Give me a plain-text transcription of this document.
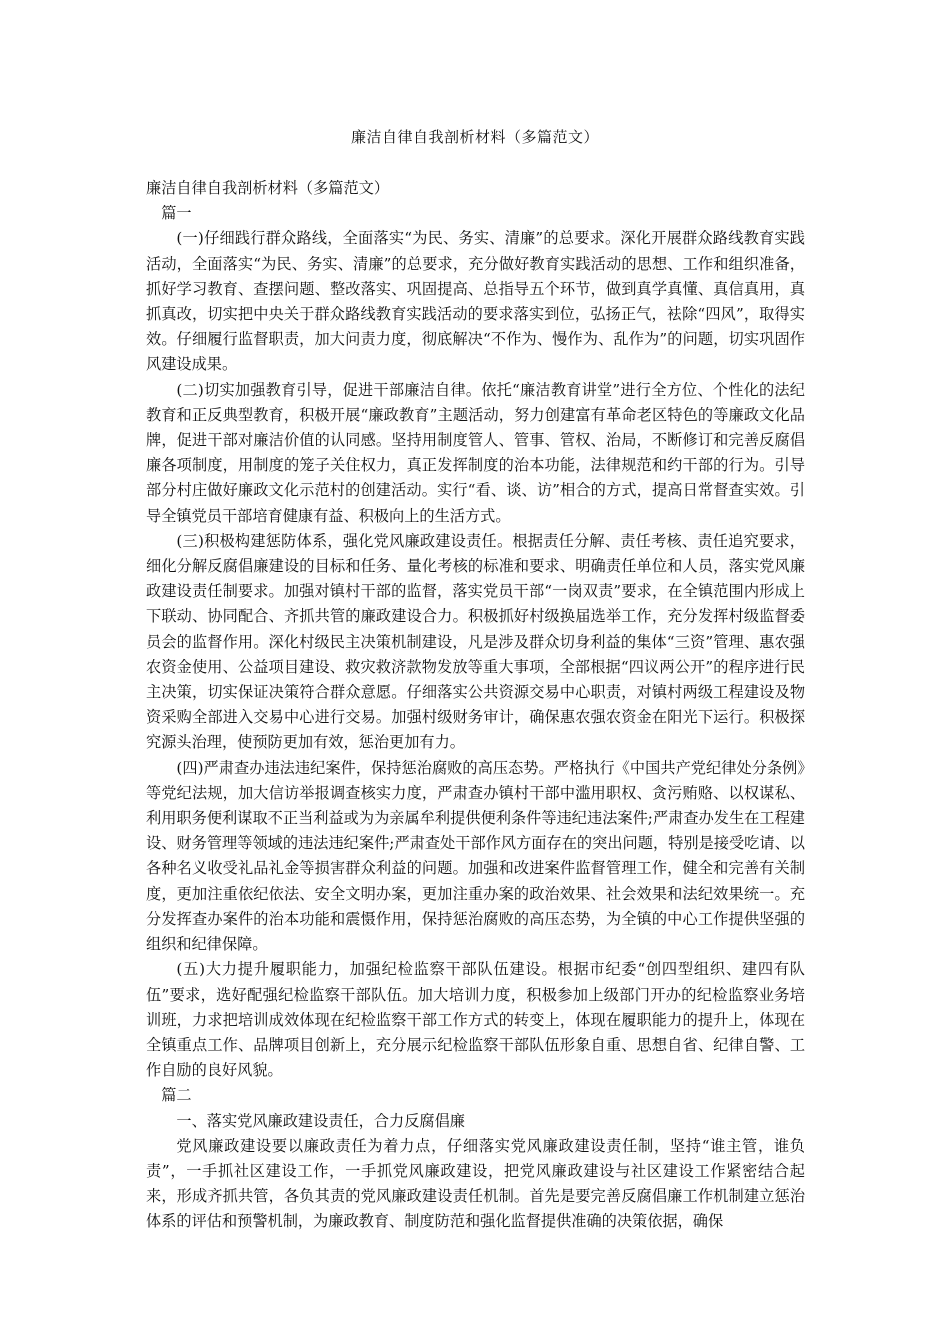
廉洁自律自我剖析材料（多篇范文）

廉洁自律自我剖析材料（多篇范文）

篇一

(一)仔细践行群众路线，全面落实“为民、务实、清廉”的总要求。深化开展群众路线教育实践活动，全面落实“为民、务实、清廉”的总要求，充分做好教育实践活动的思想、工作和组织准备，抓好学习教育、查摆问题、整改落实、巩固提高、总指导五个环节，做到真学真懂、真信真用，真抓真改，切实把中央关于群众路线教育实践活动的要求落实到位，弘扬正气，袪除“四风”，取得实效。仔细履行监督职责，加大问责力度，彻底解决“不作为、慢作为、乱作为”的问题，切实巩固作风建设成果。

(二)切实加强教育引导，促进干部廉洁自律。依托“廉洁教育讲堂”进行全方位、个性化的法纪教育和正反典型教育，积极开展“廉政教育”主题活动，努力创建富有革命老区特色的等廉政文化品牌，促进干部对廉洁价值的认同感。坚持用制度管人、管事、管权、治局，不断修订和完善反腐倡廉各项制度，用制度的笼子关住权力，真正发挥制度的治本功能，法律规范和约干部的行为。引导部分村庄做好廉政文化示范村的创建活动。实行“看、谈、访”相合的方式，提高日常督查实效。引导全镇党员干部培育健康有益、积极向上的生活方式。

(三)积极构建惩防体系，强化党风廉政建设责任。根据责任分解、责任考核、责任追究要求，细化分解反腐倡廉建设的目标和任务、量化考核的标准和要求、明确责任单位和人员，落实党风廉政建设责任制要求。加强对镇村干部的监督，落实党员干部“一岗双责”要求，在全镇范围内形成上下联动、协同配合、齐抓共管的廉政建设合力。积极抓好村级换届选举工作，充分发挥村级监督委员会的监督作用。深化村级民主决策机制建设，凡是涉及群众切身利益的集体“三资”管理、惠农强农资金使用、公益项目建设、救灾救济款物发放等重大事项，全部根据“四议两公开”的程序进行民主决策，切实保证决策符合群众意愿。仔细落实公共资源交易中心职责，对镇村两级工程建设及物资采购全部进入交易中心进行交易。加强村级财务审计，确保惠农强农资金在阳光下运行。积极探究源头治理，使预防更加有效，惩治更加有力。

(四)严肃查办违法违纪案件，保持惩治腐败的高压态势。严格执行《中国共产党纪律处分条例》等党纪法规，加大信访举报调查核实力度，严肃查办镇村干部中滥用职权、贪污贿赂、以权谋私、利用职务便利谋取不正当利益或为为亲属牟利提供便利条件等违纪违法案件;严肃查办发生在工程建设、财务管理等领域的违法违纪案件;严肃查处干部作风方面存在的突出问题，特别是接受吃请、以各种名义收受礼品礼金等损害群众利益的问题。加强和改进案件监督管理工作，健全和完善有关制度，更加注重依纪依法、安全文明办案，更加注重办案的政治效果、社会效果和法纪效果统一。充分发挥查办案件的治本功能和震慑作用，保持惩治腐败的高压态势，为全镇的中心工作提供坚强的组织和纪律保障。

(五)大力提升履职能力，加强纪检监察干部队伍建设。根据市纪委“创四型组织、建四有队伍”要求，选好配强纪检监察干部队伍。加大培训力度，积极参加上级部门开办的纪检监察业务培训班，力求把培训成效体现在纪检监察干部工作方式的转变上，体现在履职能力的提升上，体现在全镇重点工作、品牌项目创新上，充分展示纪检监察干部队伍形象自重、思想自省、纪律自警、工作自励的良好风貌。

篇二

一、落实党风廉政建设责任，合力反腐倡廉

党风廉政建设要以廉政责任为着力点，仔细落实党风廉政建设责任制，坚持“谁主管，谁负责”，一手抓社区建设工作，一手抓党风廉政建设，把党风廉政建设与社区建设工作紧密结合起来，形成齐抓共管，各负其责的党风廉政建设责任机制。首先是要完善反腐倡廉工作机制建立惩治体系的评估和预警机制，为廉政教育、制度防范和强化监督提供准确的决策依据，确保
